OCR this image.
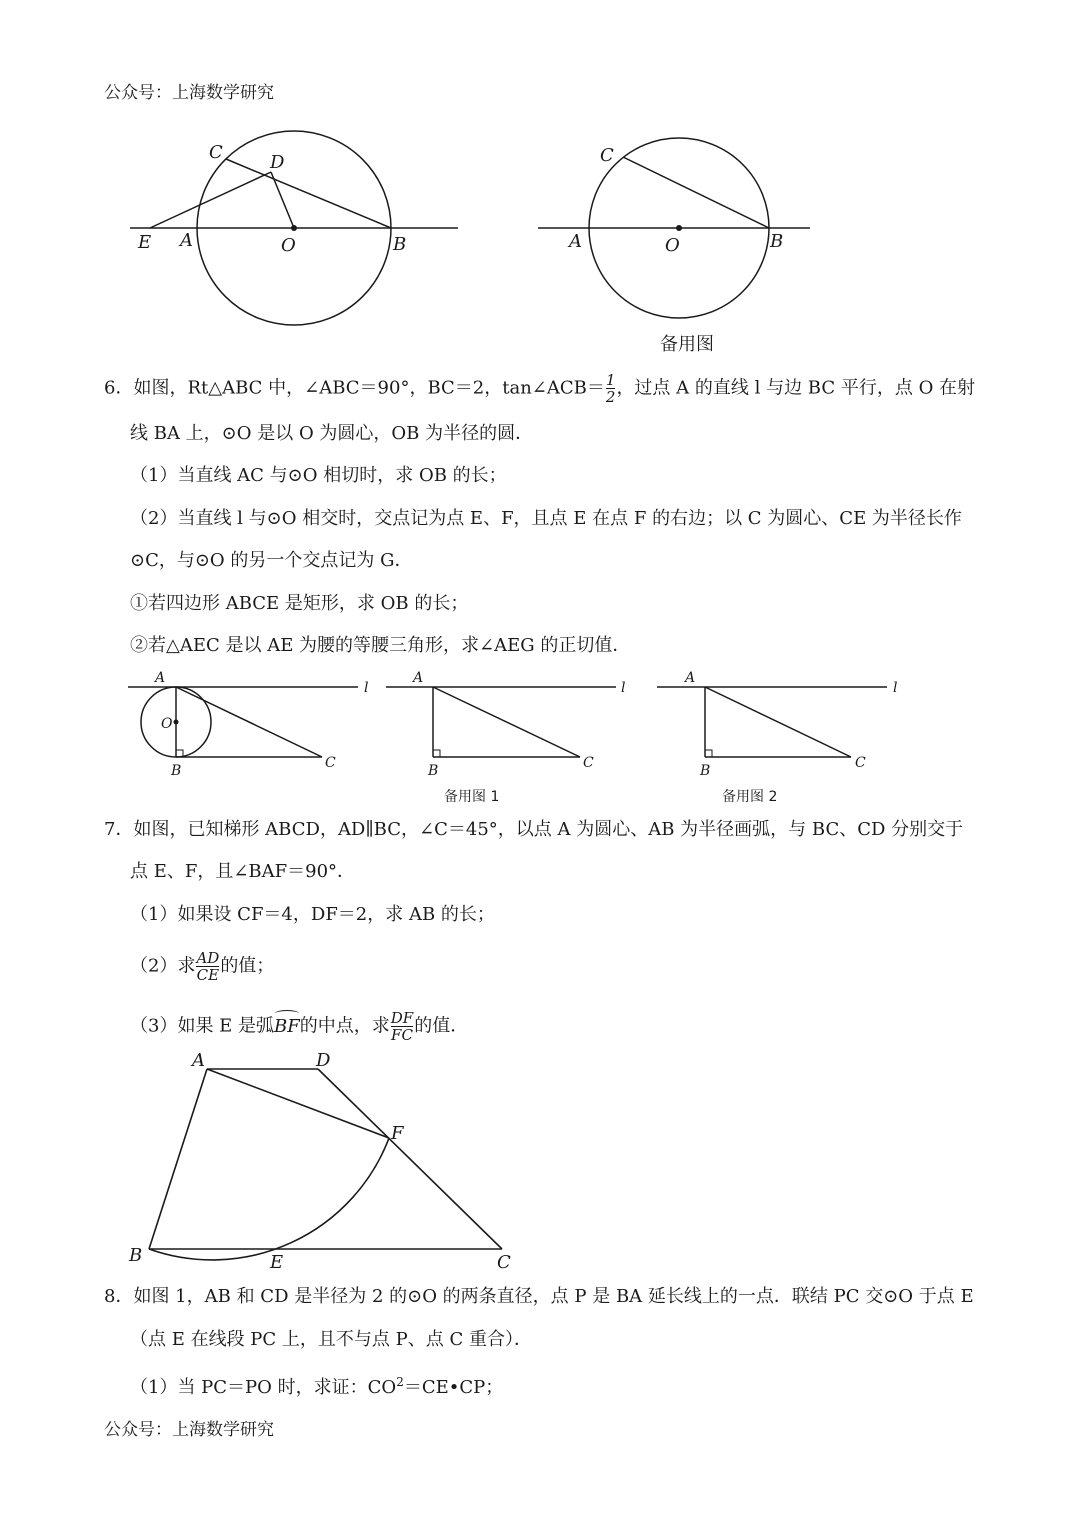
公众号：上海数学研究
C	D
E A	O	B
C
A	O	B
备用图
6．如图，Rt△ABC 中，∠ABC＝90°，BC＝2，tan∠ACB＝ $\frac{1}{2}$ ，过点 A 的直线 l 与边 BC 平行，点 O 在射
线 BA 上，⊙O 是以 O 为圆心，OB 为半径的圆．
（1）当直线 AC 与⊙O 相切时，求 OB 的长；
（2）当直线 l 与⊙O 相交时，交点记为点 E、F，且点 E 在点 F 的右边；以 C 为圆心、CE 为半径长作
⊙C，与⊙O 的另一个交点记为 G．
①若四边形 ABCE 是矩形，求 OB 的长；
②若△AEC 是以 AE 为腰的等腰三角形，求∠AEG 的正切值．
A
l
O
B	C
A
l
B	C
A
l
B	C
备用图 1	备用图 2
7．如图，已知梯形 ABCD，AD∥BC，∠C＝45°，以点 A 为圆心、AB 为半径画弧，与 BC、CD 分别交于
点 E、F，且∠BAF＝90°．
（1）如果设 CF＝4，DF＝2，求 AB 的长；
（2）求 $\frac{AD}{CE}$ 的值；
（3）如果 E 是弧
BF的中点，求 $\frac{DF}{FC}$ 的值．
A	D
F
B	E	C
8．如图 1，AB 和 CD 是半径为 2 的⊙O 的两条直径，点 P 是 BA 延长线上的一点．联结 PC 交⊙O 于点 E
（点 E 在线段 PC 上，且不与点 P、点 C 重合）．
（1）当 PC＝PO 时，求证：$CO^2=CE•CP$；
公众号：上海数学研究
